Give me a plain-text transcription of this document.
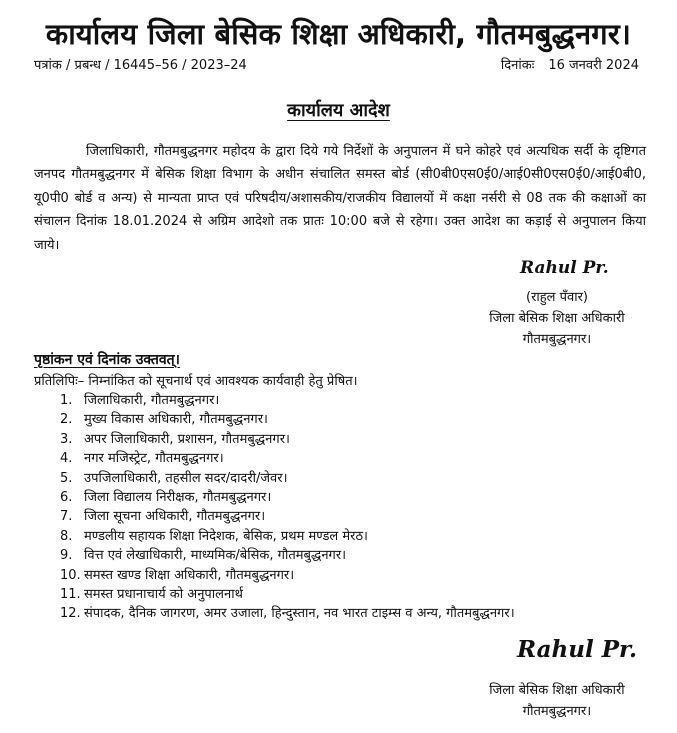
कार्यालय जिला बेसिक शिक्षा अधिकारी, गौतमबुद्धनगर।
पत्रांक / प्रबन्ध / 16445–56 / 2023–24	दिनांकः 16 जनवरी 2024
कार्यालय आदेश

जिलाधिकारी, गौतमबुद्धनगर महोदय के द्वारा दिये गये निर्देशों के अनुपालन में घने कोहरे एवं अत्यधिक सर्दी के दृष्टिगत जनपद गौतमबुद्धनगर में बेसिक शिक्षा विभाग के अधीन संचालित समस्त बोर्ड (सी0बी0एस0ई0/आई0सी0एस0ई0/आई0बी0, यू0पी0 बोर्ड व अन्य) से मान्यता प्राप्त एवं परिषदीय/अशासकीय/राजकीय विद्यालयों में कक्षा नर्सरी से 08 तक की कक्षाओं का संचालन दिनांक 18.01.2024 से अग्रिम आदेशो तक प्रातः 10:00 बजे से रहेगा। उक्त आदेश का कड़ाई से अनुपालन किया जाये।

Rahul Pr.
(राहुल पँवार)
जिला बेसिक शिक्षा अधिकारी
गौतमबुद्धनगर।
पृष्ठांकन एवं दिनांक उक्तवत्।
प्रतिलिपिः– निम्नांकित को सूचनार्थ एवं आवश्यक कार्यवाही हेतु प्रेषित।
1. जिलाधिकारी, गौतमबुद्धनगर।
2. मुख्य विकास अधिकारी, गौतमबुद्धनगर।
3. अपर जिलाधिकारी, प्रशासन, गौतमबुद्धनगर।
4. नगर मजिस्ट्रेट, गौतमबुद्धनगर।
5. उपजिलाधिकारी, तहसील सदर/दादरी/जेवर।
6. जिला विद्यालय निरीक्षक, गौतमबुद्धनगर।
7. जिला सूचना अधिकारी, गौतमबुद्धनगर।
8. मण्डलीय सहायक शिक्षा निदेशक, बेसिक, प्रथम मण्डल मेरठ।
9. वित्त एवं लेखाधिकारी, माध्यमिक/बेसिक, गौतमबुद्धनगर।
10. समस्त खण्ड शिक्षा अधिकारी, गौतमबुद्धनगर।
11. समस्त प्रधानाचार्य को अनुपालनार्थ
12. संपादक, दैनिक जागरण, अमर उजाला, हिन्दुस्तान, नव भारत टाइम्स व अन्य, गौतमबुद्धनगर।
Rahul Pr.
जिला बेसिक शिक्षा अधिकारी
गौतमबुद्धनगर।
